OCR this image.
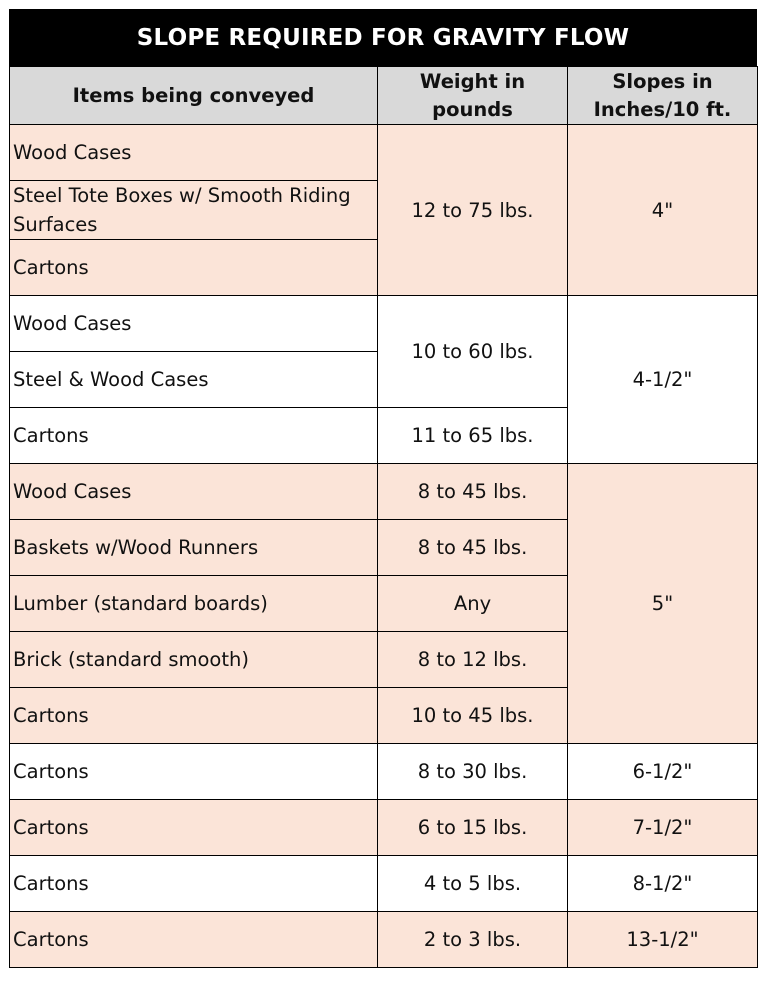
SLOPE REQUIRED FOR GRAVITY FLOW
Items being conveyed	Weight in pounds	Slopes in
Inches/10 ft.
Wood Cases	12 to 75 lbs.	4"
Steel Tote Boxes w/ Smooth Riding Surfaces		
Cartons		
Wood Cases	10 to 60 lbs.	4-1/2"
Steel & Wood Cases		
Cartons	11 to 65 lbs.	
Wood Cases	8 to 45 lbs.	5"
Baskets w/Wood Runners	8 to 45 lbs.	
Lumber (standard boards)	Any	
Brick (standard smooth)	8 to 12 lbs.	
Cartons	10 to 45 lbs.	
Cartons	8 to 30 lbs.	6-1/2"
Cartons	6 to 15 lbs.	7-1/2"
Cartons	4 to 5 lbs.	8-1/2"
Cartons	2 to 3 lbs.	13-1/2"
